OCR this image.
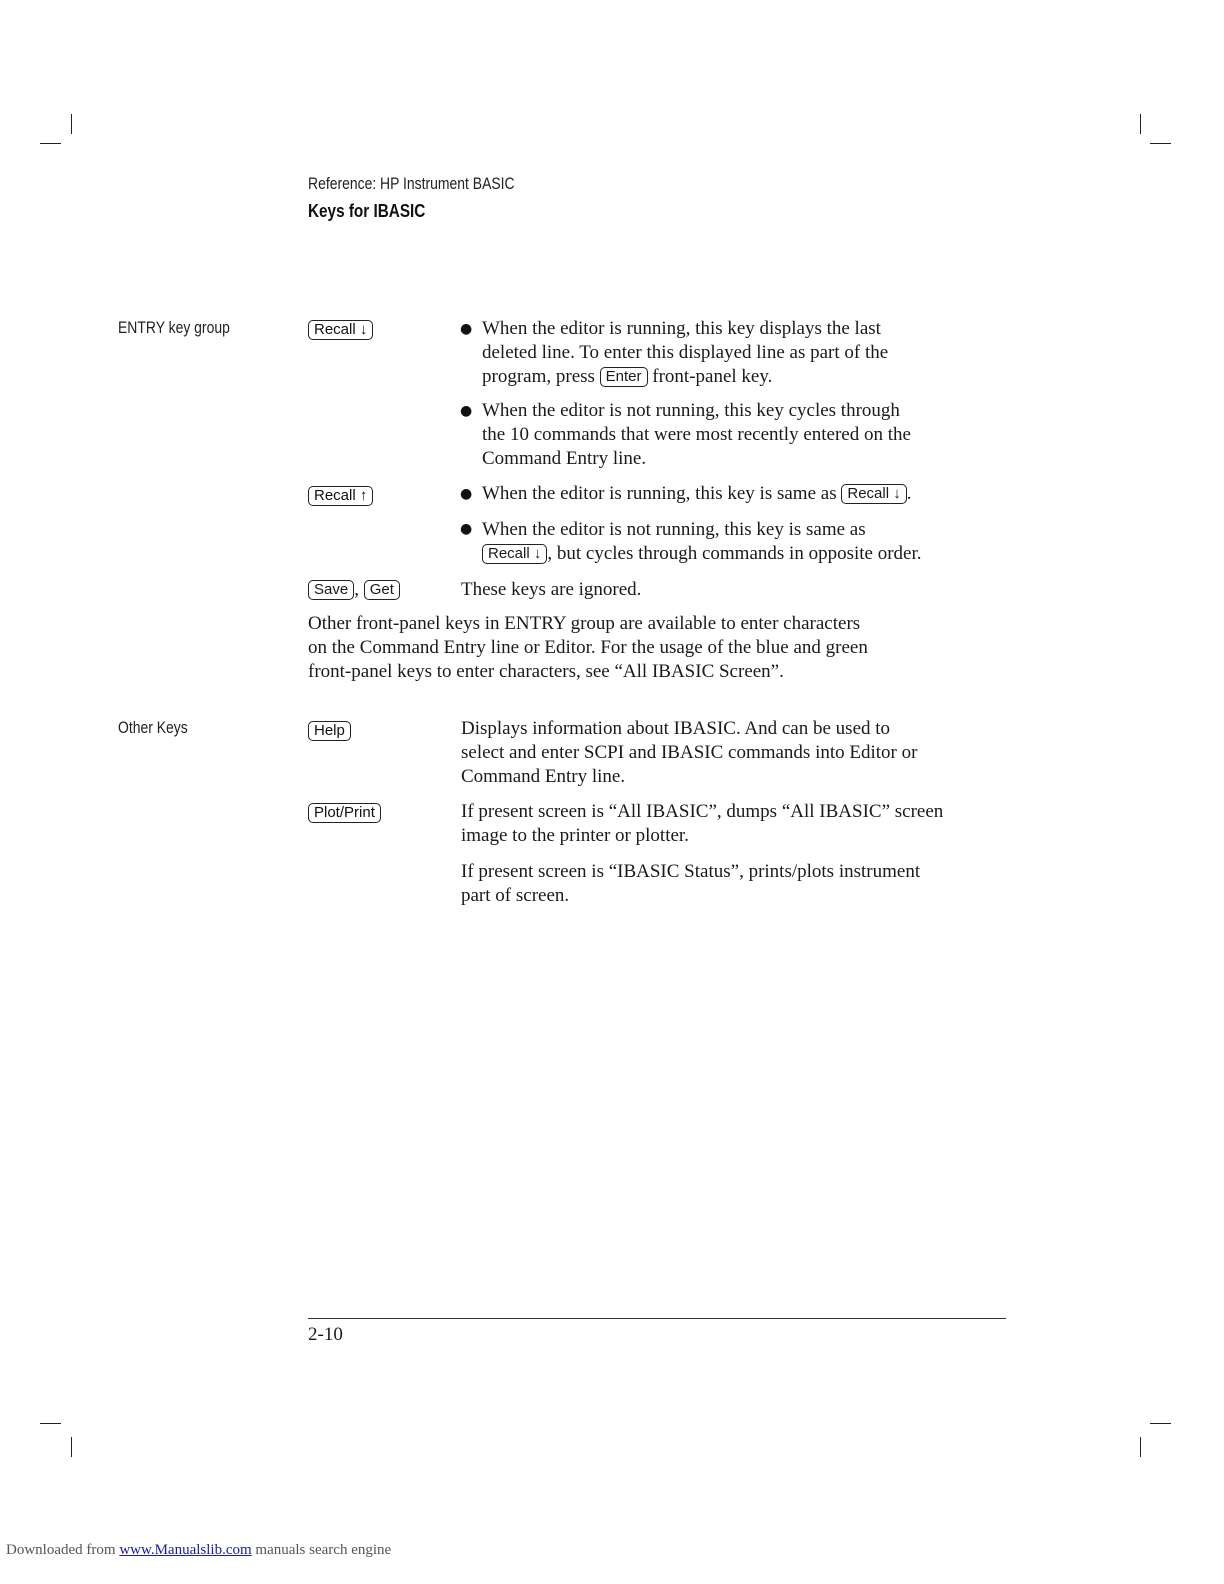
Reference: HP Instrument BASIC
Keys for IBASIC
ENTRY key group	Recall ↓	● When the editor is running, this key displays the last
deleted line. To enter this displayed line as part of the
program, press Enter front-panel key.
● When the editor is not running, this key cycles through
the 10 commands that were most recently entered on the
Command Entry line.
Recall ↑	● When the editor is running, this key is same as Recall ↓ .
● When the editor is not running, this key is same as
Recall ↓ , but cycles through commands in opposite order.
Save , Get	These keys are ignored.
Other front-panel keys in ENTRY group are available to enter characters
on the Command Entry line or Editor. For the usage of the blue and green
front-panel keys to enter characters, see “All IBASIC Screen”.
Other Keys	Help	Displays information about IBASIC. And can be used to
select and enter SCPI and IBASIC commands into Editor or
Command Entry line.
Plot/Print	If present screen is “All IBASIC”, dumps “All IBASIC” screen
image to the printer or plotter.
If present screen is “IBASIC Status”, prints/plots instrument
part of screen.
2-10
Downloaded from www.Manualslib.com manuals search engine
